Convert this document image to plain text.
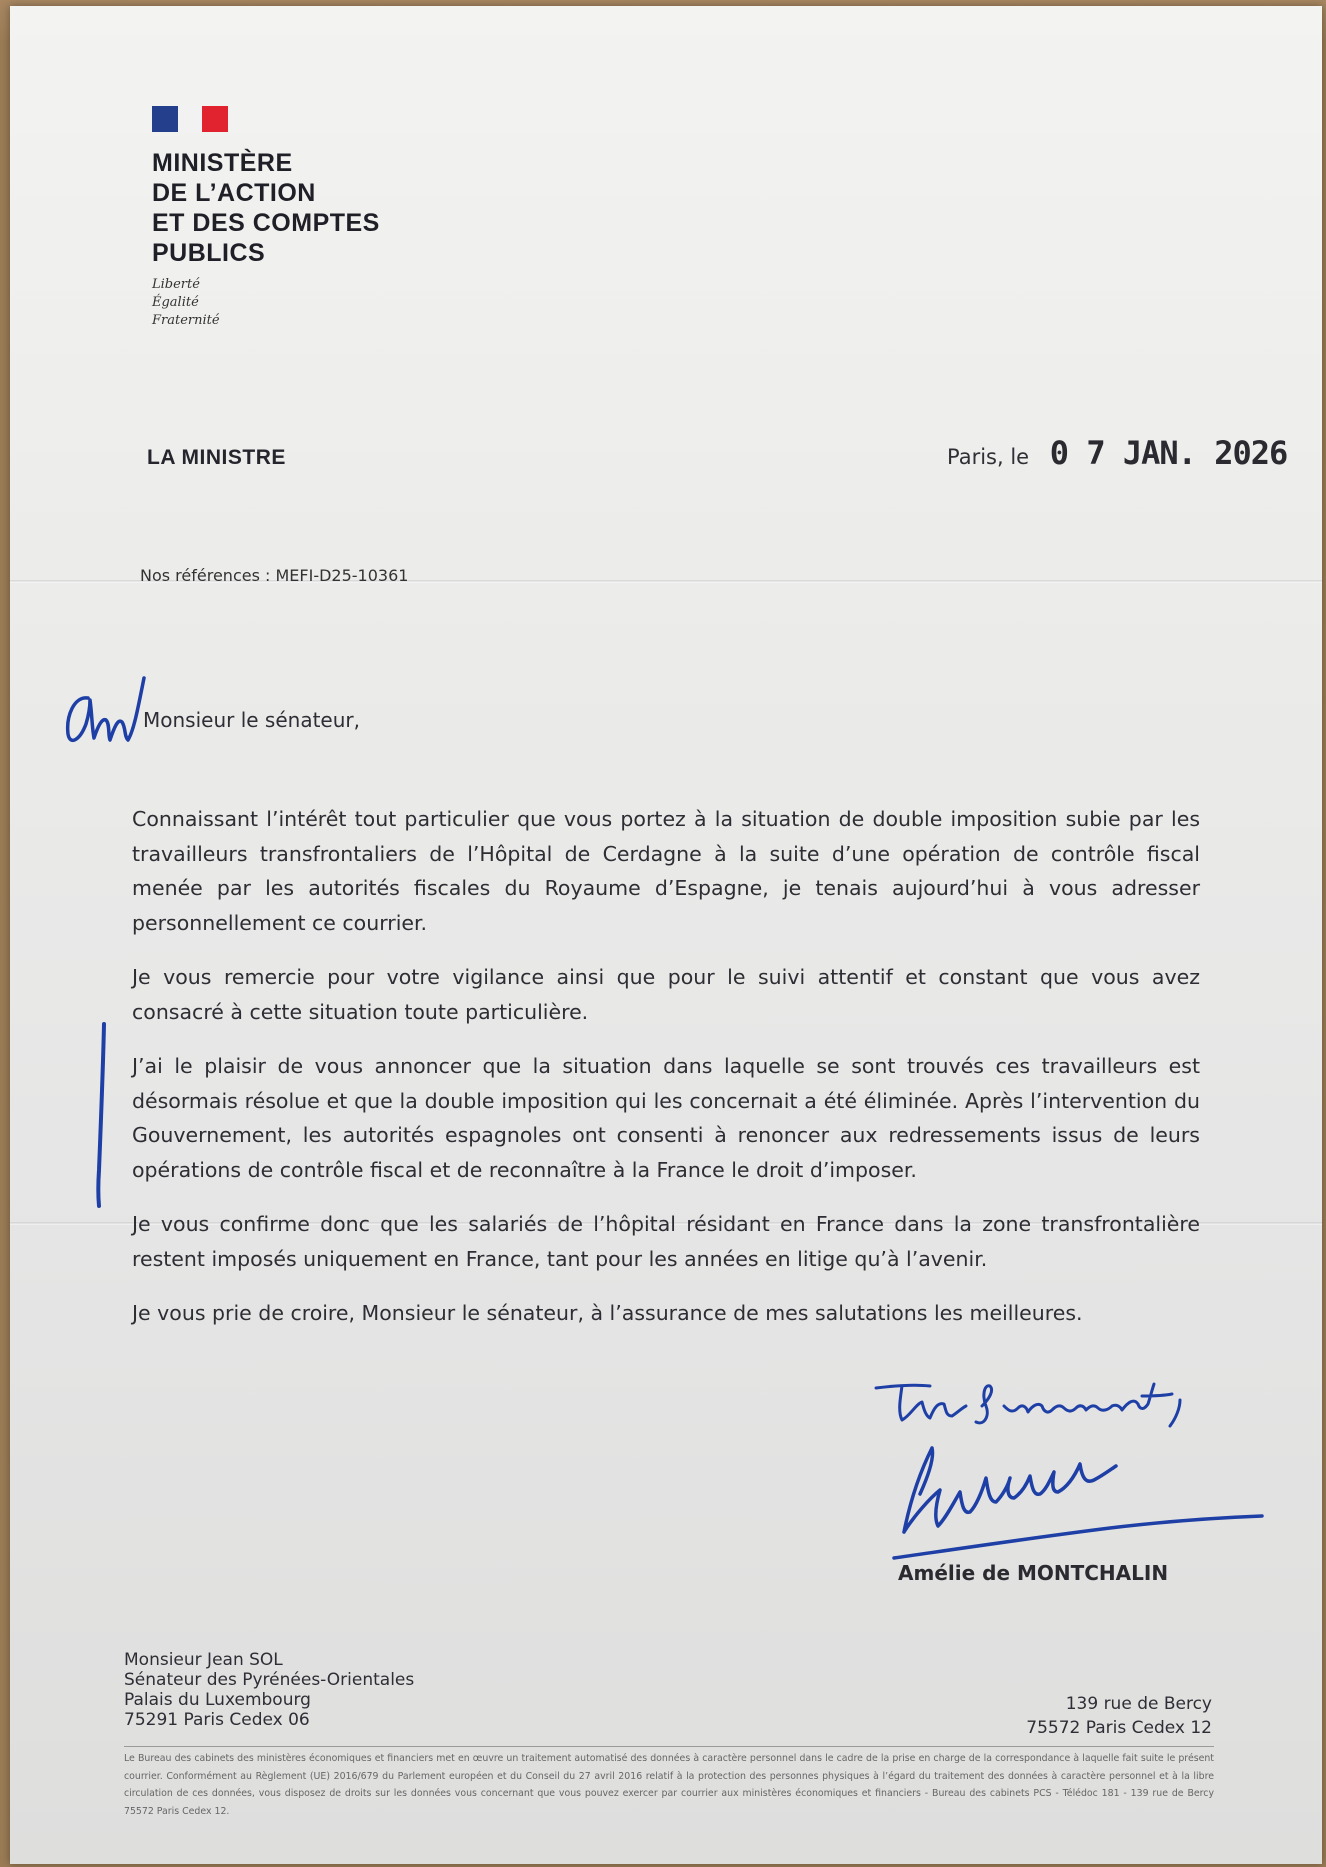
MINISTÈRE
DE L’ACTION
ET DES COMPTES
PUBLICS
Liberté
Égalité
Fraternité
LA MINISTRE	Paris, le 0 7 JAN. 2026
Nos références : MEFI-D25-10361
Monsieur le sénateur,

Connaissant l’intérêt tout particulier que vous portez à la situation de double imposition subie par les travailleurs transfrontaliers de l’Hôpital de Cerdagne à la suite d’une opération de contrôle fiscal menée par les autorités fiscales du Royaume d’Espagne, je tenais aujourd’hui à vous adresser personnellement ce courrier.

Je vous remercie pour votre vigilance ainsi que pour le suivi attentif et constant que vous avez consacré à cette situation toute particulière.

J’ai le plaisir de vous annoncer que la situation dans laquelle se sont trouvés ces travailleurs est désormais résolue et que la double imposition qui les concernait a été éliminée. Après l’intervention du Gouvernement, les autorités espagnoles ont consenti à renoncer aux redressements issus de leurs opérations de contrôle fiscal et de reconnaître à la France le droit d’imposer.

Je vous confirme donc que les salariés de l’hôpital résidant en France dans la zone transfrontalière restent imposés uniquement en France, tant pour les années en litige qu’à l’avenir.

Je vous prie de croire, Monsieur le sénateur, à l’assurance de mes salutations les meilleures.

Amélie de MONTCHALIN
Monsieur Jean SOL
Sénateur des Pyrénées-Orientales
Palais du Luxembourg
75291 Paris Cedex 06
139 rue de Bercy
75572 Paris Cedex 12
Le Bureau des cabinets des ministères économiques et financiers met en œuvre un traitement automatisé des données à caractère personnel dans le cadre de la prise en charge de la correspondance à laquelle fait suite le présent courrier. Conformément au Règlement (UE) 2016/679 du Parlement européen et du Conseil du 27 avril 2016 relatif à la protection des personnes physiques à l’égard du traitement des données à caractère personnel et à la libre circulation de ces données, vous disposez de droits sur les données vous concernant que vous pouvez exercer par courrier aux ministères économiques et financiers - Bureau des cabinets PCS - Télédoc 181 - 139 rue de Bercy 75572 Paris Cedex 12.
